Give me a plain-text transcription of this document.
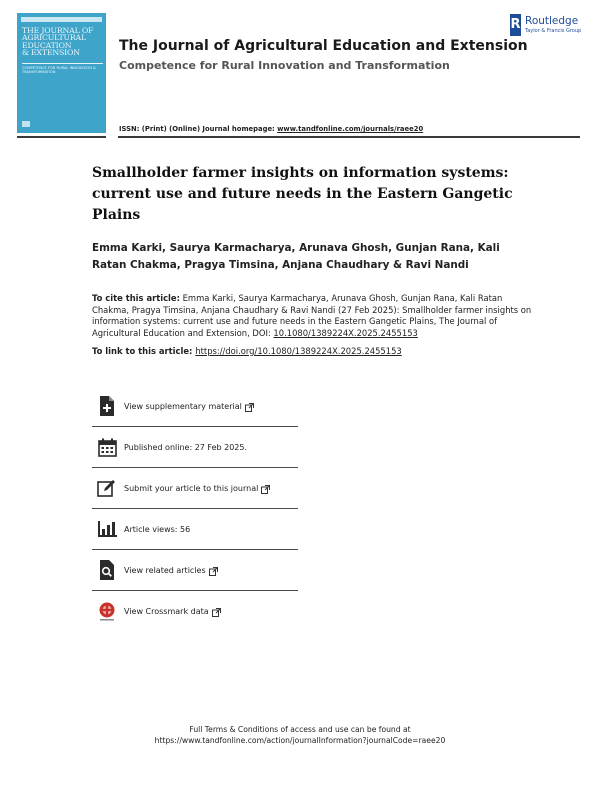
THE JOURNAL OF
AGRICULTURAL
EDUCATION
& EXTENSION
COMPETENCE FOR RURAL INNOVATION & TRANSFORMATION
The Journal of Agricultural Education and Extension
Competence for Rural Innovation and Transformation
ISSN: (Print) (Online) Journal homepage: www.tandfonline.com/journals/raee20
R Routledge
Taylor & Francis Group
Smallholder farmer insights on information systems: current use and future needs in the Eastern Gangetic Plains
Emma Karki, Saurya Karmacharya, Arunava Ghosh, Gunjan Rana, Kali Ratan Chakma, Pragya Timsina, Anjana Chaudhary & Ravi Nandi
To cite this article: Emma Karki, Saurya Karmacharya, Arunava Ghosh, Gunjan Rana, Kali Ratan Chakma, Pragya Timsina, Anjana Chaudhary & Ravi Nandi (27 Feb 2025): Smallholder farmer insights on information systems: current use and future needs in the Eastern Gangetic Plains, The Journal of Agricultural Education and Extension, DOI: 10.1080/1389224X.2025.2455153
To link to this article: https://doi.org/10.1080/1389224X.2025.2455153
View supplementary material
Published online: 27 Feb 2025.
Submit your article to this journal
Article views: 56
View related articles
View Crossmark data
Full Terms & Conditions of access and use can be found at
https://www.tandfonline.com/action/journalInformation?journalCode=raee20
